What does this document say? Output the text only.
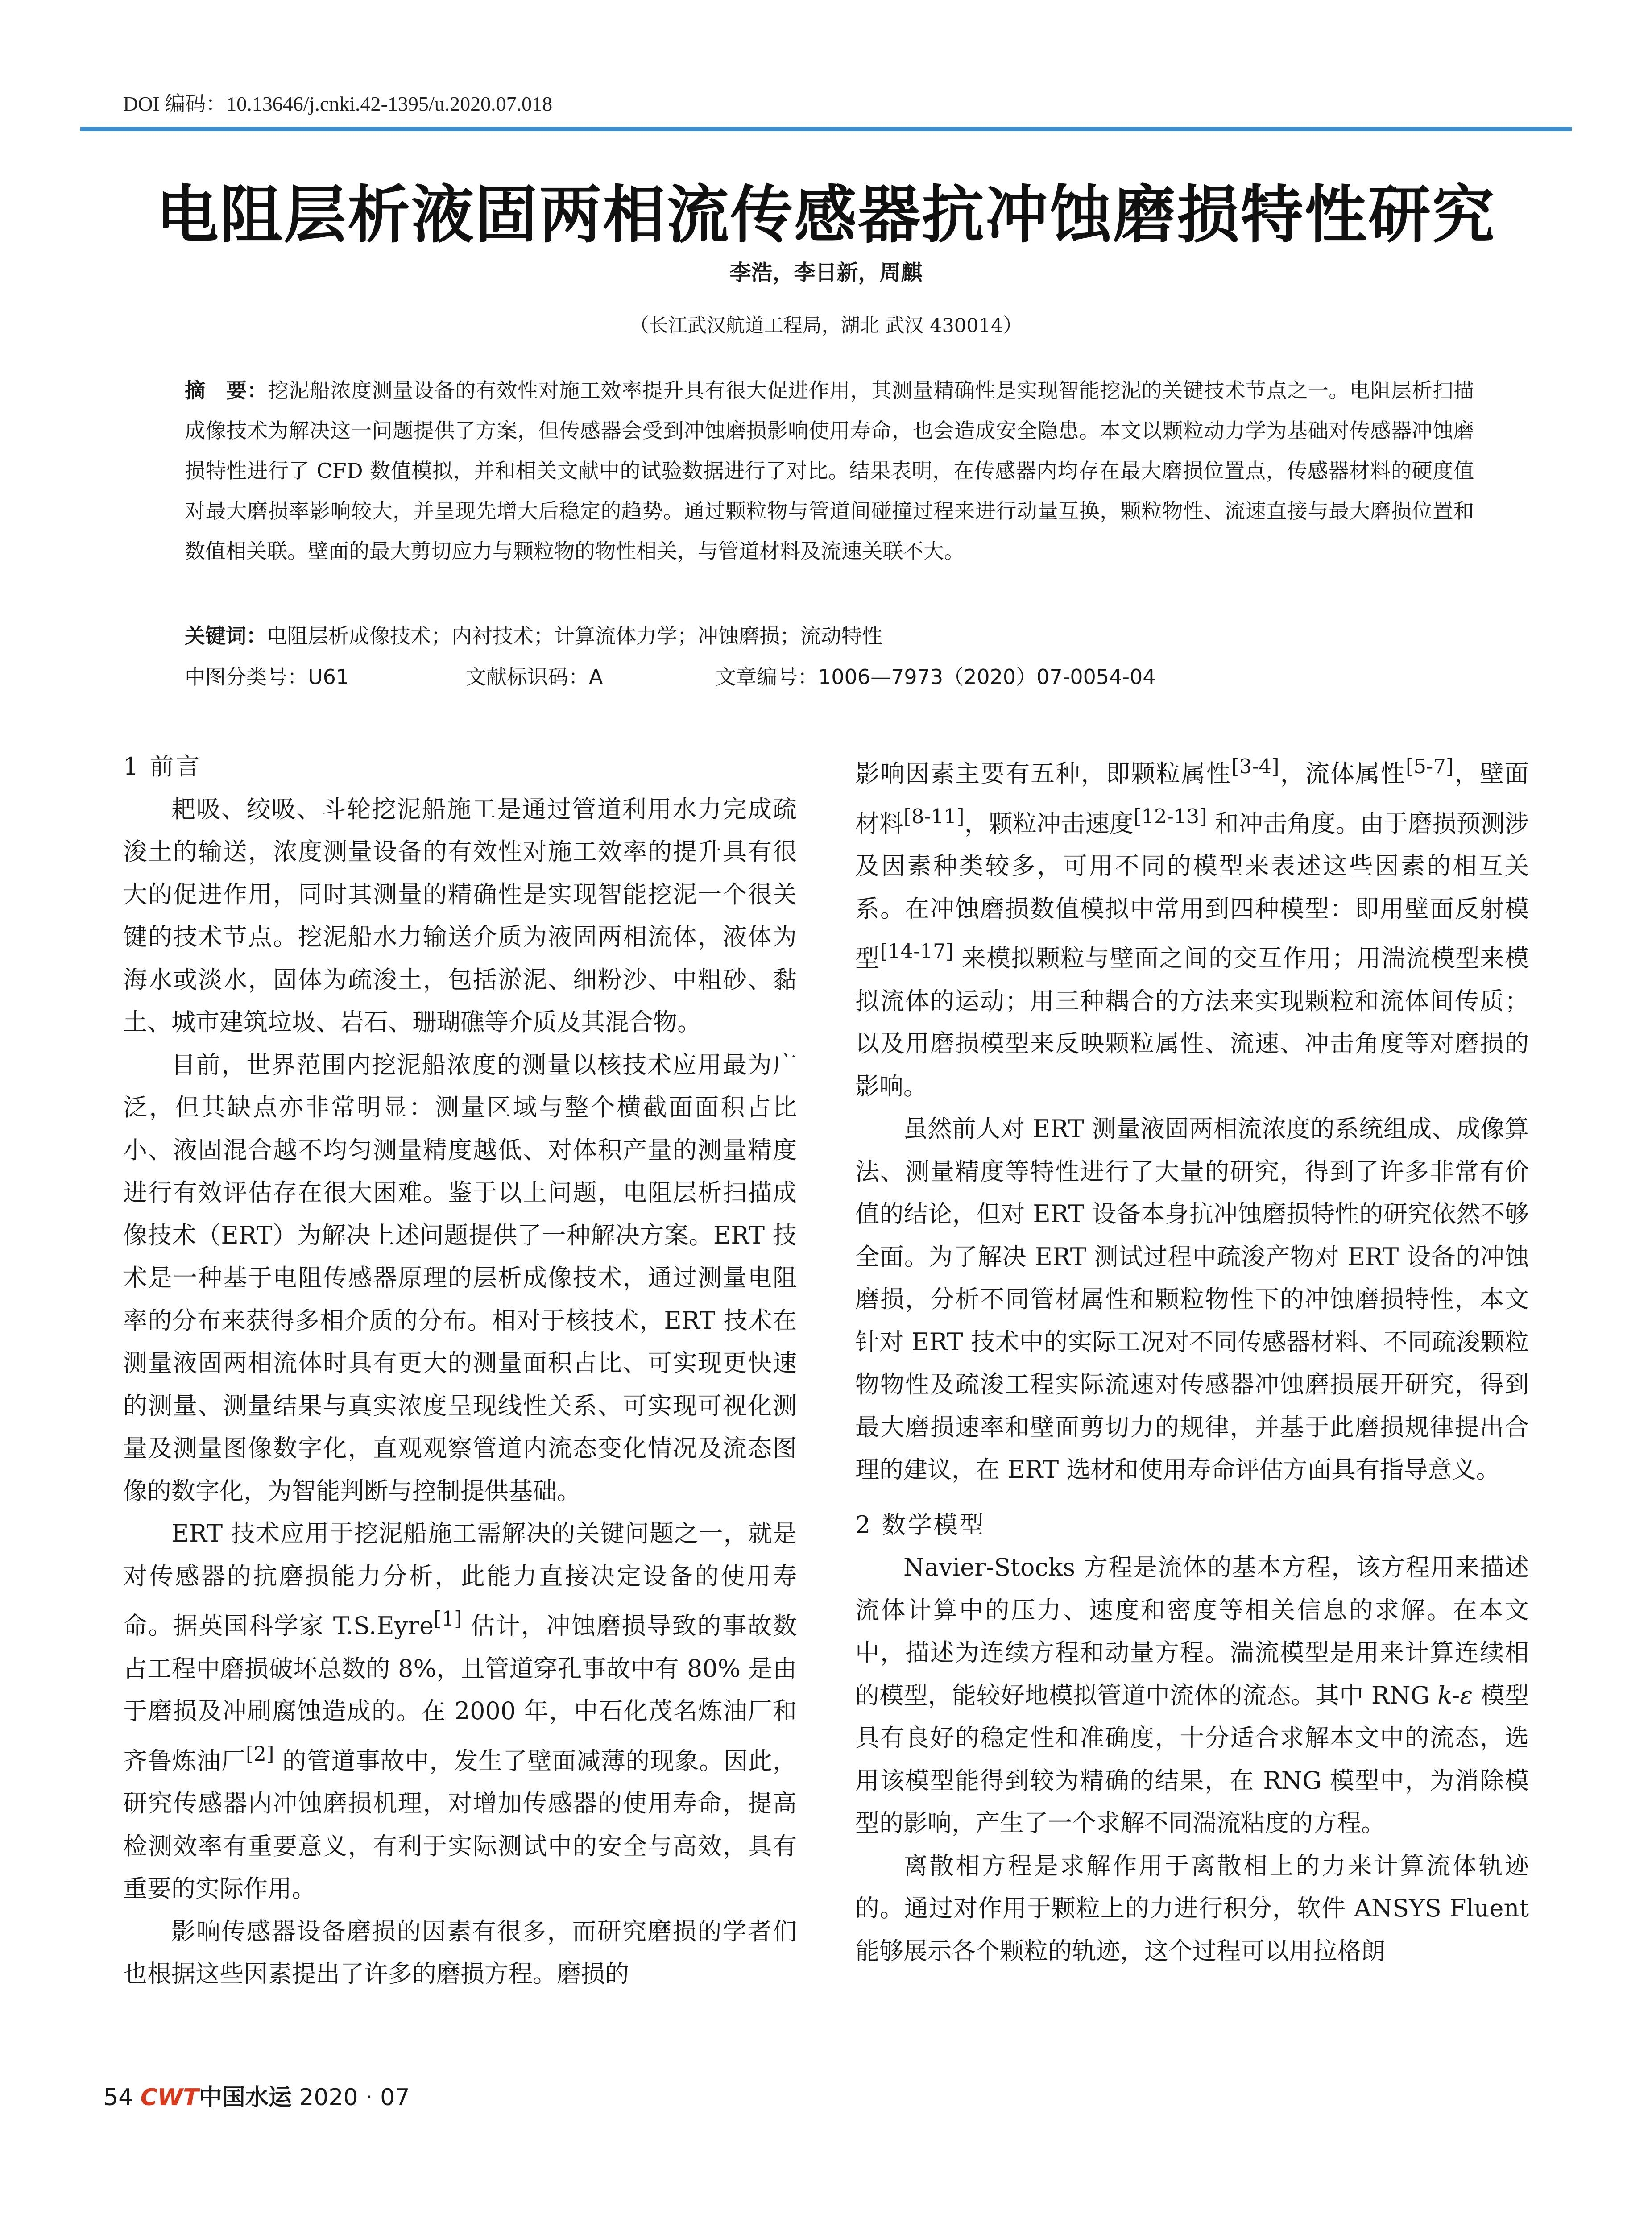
DOI 编码：10.13646/j.cnki.42-1395/u.2020.07.018
电阻层析液固两相流传感器抗冲蚀磨损特性研究
李浩，李日新，周麒
（长江武汉航道工程局，湖北 武汉 430014）
摘　要：挖泥船浓度测量设备的有效性对施工效率提升具有很大促进作用，其测量精确性是实现智能挖泥的关键技术节点之一。电阻层析扫描成像技术为解决这一问题提供了方案，但传感器会受到冲蚀磨损影响使用寿命，也会造成安全隐患。本文以颗粒动力学为基础对传感器冲蚀磨损特性进行了 CFD 数值模拟，并和相关文献中的试验数据进行了对比。结果表明，在传感器内均存在最大磨损位置点，传感器材料的硬度值对最大磨损率影响较大，并呈现先增大后稳定的趋势。通过颗粒物与管道间碰撞过程来进行动量互换，颗粒物性、流速直接与最大磨损位置和数值相关联。壁面的最大剪切应力与颗粒物的物性相关，与管道材料及流速关联不大。
关键词：电阻层析成像技术；内衬技术；计算流体力学；冲蚀磨损；流动特性
中图分类号：U61	文献标识码：A	文章编号：1006—7973（2020）07-0054-04
1 前言

耙吸、绞吸、斗轮挖泥船施工是通过管道利用水力完成疏浚土的输送，浓度测量设备的有效性对施工效率的提升具有很大的促进作用，同时其测量的精确性是实现智能挖泥一个很关键的技术节点。挖泥船水力输送介质为液固两相流体，液体为海水或淡水，固体为疏浚土，包括淤泥、细粉沙、中粗砂、黏土、城市建筑垃圾、岩石、珊瑚礁等介质及其混合物。

目前，世界范围内挖泥船浓度的测量以核技术应用最为广泛，但其缺点亦非常明显：测量区域与整个横截面面积占比小、液固混合越不均匀测量精度越低、对体积产量的测量精度进行有效评估存在很大困难。鉴于以上问题，电阻层析扫描成像技术（ERT）为解决上述问题提供了一种解决方案。ERT 技术是一种基于电阻传感器原理的层析成像技术，通过测量电阻率的分布来获得多相介质的分布。相对于核技术，ERT 技术在测量液固两相流体时具有更大的测量面积占比、可实现更快速的测量、测量结果与真实浓度呈现线性关系、可实现可视化测量及测量图像数字化，直观观察管道内流态变化情况及流态图像的数字化，为智能判断与控制提供基础。

ERT 技术应用于挖泥船施工需解决的关键问题之一，就是对传感器的抗磨损能力分析，此能力直接决定设备的使用寿命。据英国科学家 T.S.Eyre[1] 估计，冲蚀磨损导致的事故数占工程中磨损破坏总数的 8%，且管道穿孔事故中有 80% 是由于磨损及冲刷腐蚀造成的。在 2000 年，中石化茂名炼油厂和齐鲁炼油厂[2] 的管道事故中，发生了壁面减薄的现象。因此，研究传感器内冲蚀磨损机理，对增加传感器的使用寿命，提高检测效率有重要意义，有利于实际测试中的安全与高效，具有重要的实际作用。

影响传感器设备磨损的因素有很多，而研究磨损的学者们也根据这些因素提出了许多的磨损方程。磨损的

影响因素主要有五种，即颗粒属性[3-4]，流体属性[5-7]，壁面材料[8-11]，颗粒冲击速度[12-13] 和冲击角度。由于磨损预测涉及因素种类较多，可用不同的模型来表述这些因素的相互关系。在冲蚀磨损数值模拟中常用到四种模型：即用壁面反射模型[14-17] 来模拟颗粒与壁面之间的交互作用；用湍流模型来模拟流体的运动；用三种耦合的方法来实现颗粒和流体间传质；以及用磨损模型来反映颗粒属性、流速、冲击角度等对磨损的影响。

虽然前人对 ERT 测量液固两相流浓度的系统组成、成像算法、测量精度等特性进行了大量的研究，得到了许多非常有价值的结论，但对 ERT 设备本身抗冲蚀磨损特性的研究依然不够全面。为了解决 ERT 测试过程中疏浚产物对 ERT 设备的冲蚀磨损，分析不同管材属性和颗粒物性下的冲蚀磨损特性，本文针对 ERT 技术中的实际工况对不同传感器材料、不同疏浚颗粒物物性及疏浚工程实际流速对传感器冲蚀磨损展开研究，得到最大磨损速率和壁面剪切力的规律，并基于此磨损规律提出合理的建议，在 ERT 选材和使用寿命评估方面具有指导意义。

2 数学模型

Navier-Stocks 方程是流体的基本方程，该方程用来描述流体计算中的压力、速度和密度等相关信息的求解。在本文中，描述为连续方程和动量方程。湍流模型是用来计算连续相的模型，能较好地模拟管道中流体的流态。其中 RNG k-ε 模型具有良好的稳定性和准确度，十分适合求解本文中的流态，选用该模型能得到较为精确的结果，在 RNG 模型中，为消除模型的影响，产生了一个求解不同湍流粘度的方程。

离散相方程是求解作用于离散相上的力来计算流体轨迹的。通过对作用于颗粒上的力进行积分，软件 ANSYS Fluent 能够展示各个颗粒的轨迹，这个过程可以用拉格朗

54 CWT中国水运 2020 · 07
